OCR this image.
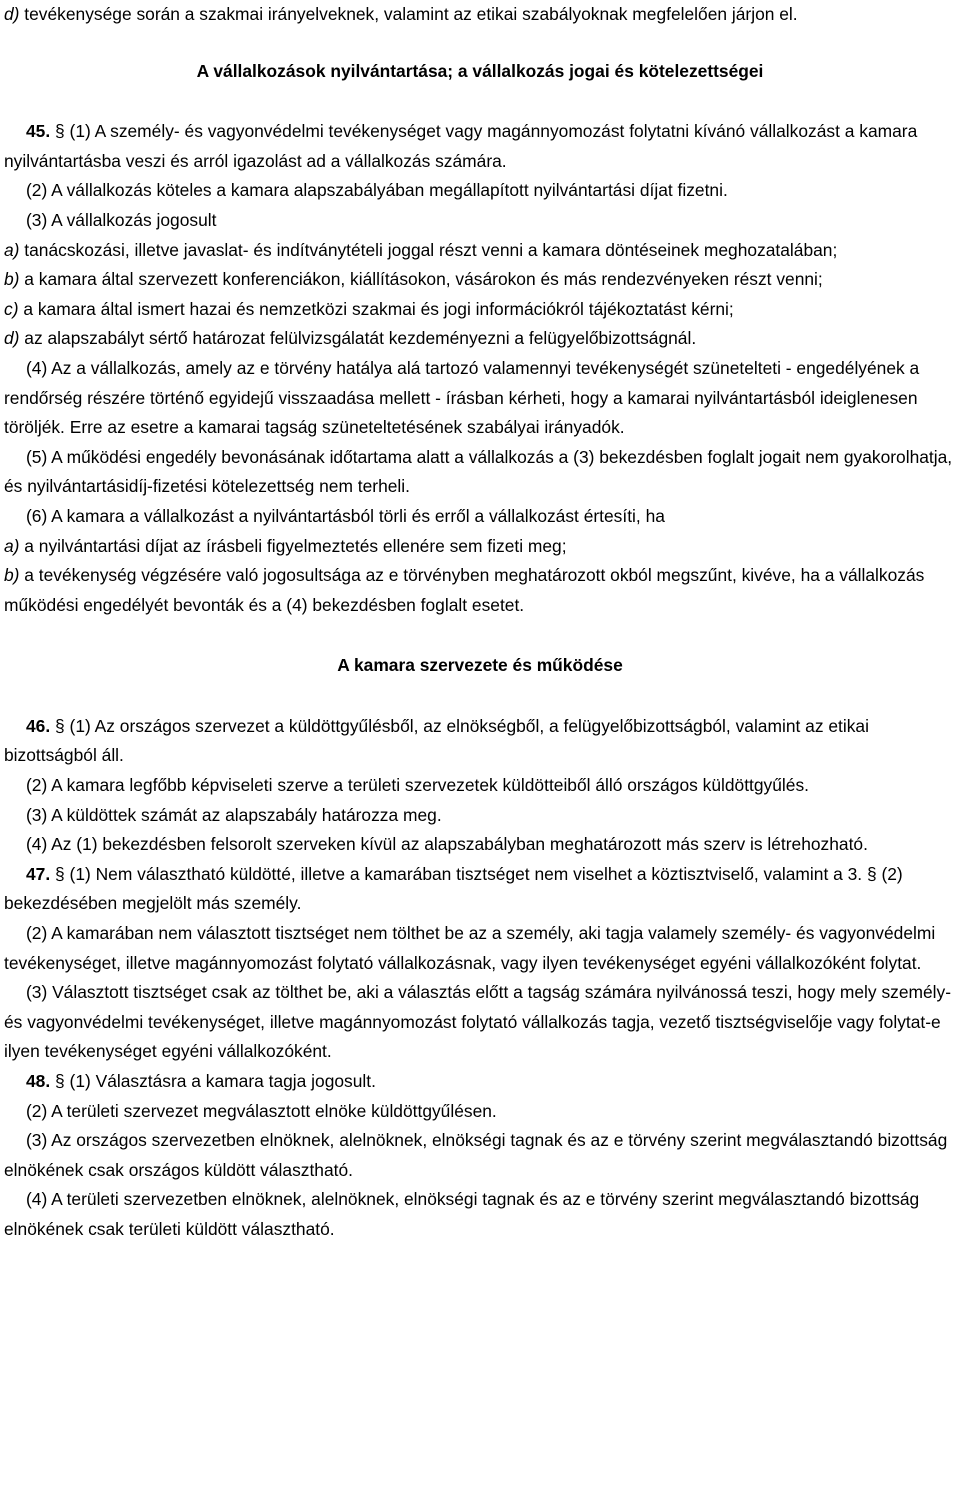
d) tevékenysége során a szakmai irányelveknek, valamint az etikai szabályoknak megfelelően járjon el.

A vállalkozások nyilvántartása; a vállalkozás jogai és kötelezettségei

45. § (1) A személy- és vagyonvédelmi tevékenységet vagy magánnyomozást folytatni kívánó vállalkozást a kamara nyilvántartásba veszi és arról igazolást ad a vállalkozás számára.

(2) A vállalkozás köteles a kamara alapszabályában megállapított nyilvántartási díjat fizetni.

(3) A vállalkozás jogosult

a) tanácskozási, illetve javaslat- és indítványtételi joggal részt venni a kamara döntéseinek meghozatalában;

b) a kamara által szervezett konferenciákon, kiállításokon, vásárokon és más rendezvényeken részt venni;

c) a kamara által ismert hazai és nemzetközi szakmai és jogi információkról tájékoztatást kérni;

d) az alapszabályt sértő határozat felülvizsgálatát kezdeményezni a felügyelőbizottságnál.

(4) Az a vállalkozás, amely az e törvény hatálya alá tartozó valamennyi tevékenységét szünetelteti - engedélyének a rendőrség részére történő egyidejű visszaadása mellett - írásban kérheti, hogy a kamarai nyilvántartásból ideiglenesen töröljék. Erre az esetre a kamarai tagság szüneteltetésének szabályai irányadók.

(5) A működési engedély bevonásának időtartama alatt a vállalkozás a (3) bekezdésben foglalt jogait nem gyakorolhatja, és nyilvántartásidíj-fizetési kötelezettség nem terheli.

(6) A kamara a vállalkozást a nyilvántartásból törli és erről a vállalkozást értesíti, ha

a) a nyilvántartási díjat az írásbeli figyelmeztetés ellenére sem fizeti meg;

b) a tevékenység végzésére való jogosultsága az e törvényben meghatározott okból megszűnt, kivéve, ha a vállalkozás működési engedélyét bevonták és a (4) bekezdésben foglalt esetet.

A kamara szervezete és működése

46. § (1) Az országos szervezet a küldöttgyűlésből, az elnökségből, a felügyelőbizottságból, valamint az etikai bizottságból áll.

(2) A kamara legfőbb képviseleti szerve a területi szervezetek küldötteiből álló országos küldöttgyűlés.

(3) A küldöttek számát az alapszabály határozza meg.

(4) Az (1) bekezdésben felsorolt szerveken kívül az alapszabályban meghatározott más szerv is létrehozható.

47. § (1) Nem választható küldötté, illetve a kamarában tisztséget nem viselhet a köztisztviselő, valamint a 3. § (2) bekezdésében megjelölt más személy.

(2) A kamarában nem választott tisztséget nem tölthet be az a személy, aki tagja valamely személy- és vagyonvédelmi tevékenységet, illetve magánnyomozást folytató vállalkozásnak, vagy ilyen tevékenységet egyéni vállalkozóként folytat.

(3) Választott tisztséget csak az tölthet be, aki a választás előtt a tagság számára nyilvánossá teszi, hogy mely személy- és vagyonvédelmi tevékenységet, illetve magánnyomozást folytató vállalkozás tagja, vezető tisztségviselője vagy folytat-e ilyen tevékenységet egyéni vállalkozóként.

48. § (1) Választásra a kamara tagja jogosult.

(2) A területi szervezet megválasztott elnöke küldöttgyűlésen.

(3) Az országos szervezetben elnöknek, alelnöknek, elnökségi tagnak és az e törvény szerint megválasztandó bizottság elnökének csak országos küldött választható.

(4) A területi szervezetben elnöknek, alelnöknek, elnökségi tagnak és az e törvény szerint megválasztandó bizottság elnökének csak területi küldött választható.
